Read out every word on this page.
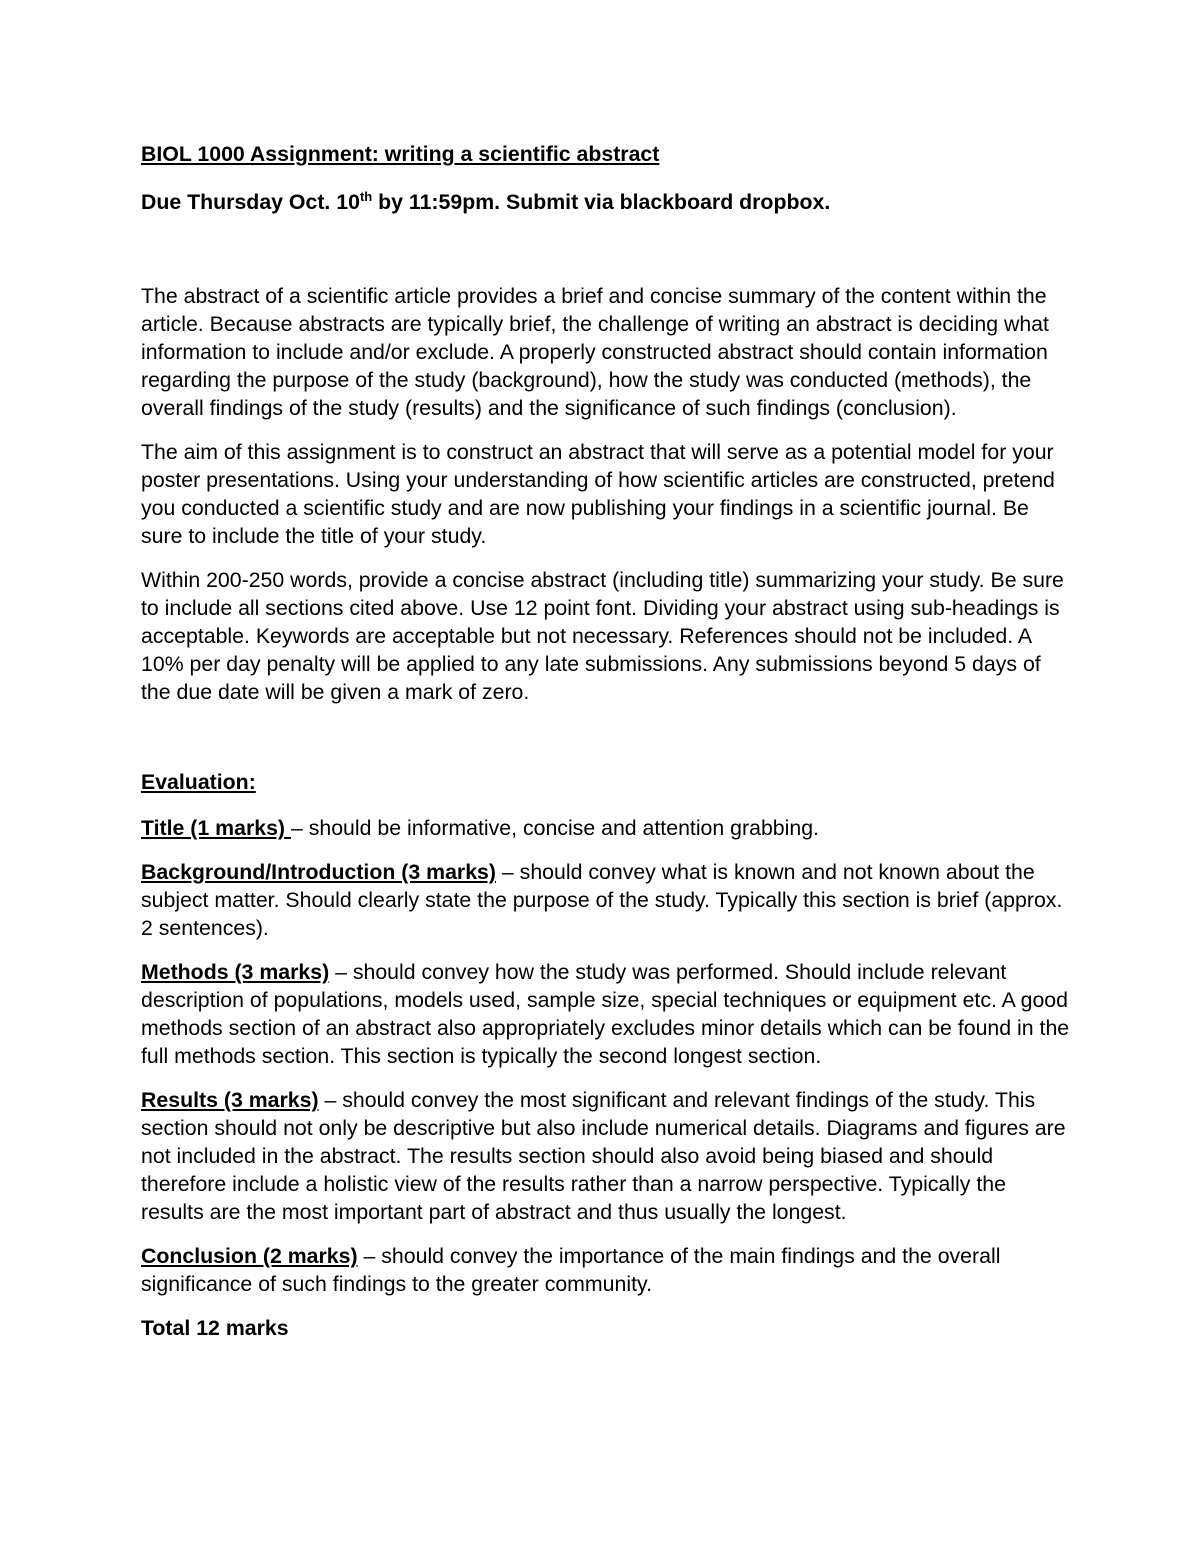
BIOL 1000 Assignment: writing a scientific abstract

Due Thursday Oct. 10th by 11:59pm. Submit via blackboard dropbox.

The abstract of a scientific article provides a brief and concise summary of the content within the article. Because abstracts are typically brief, the challenge of writing an abstract is deciding what information to include and/or exclude. A properly constructed abstract should contain information regarding the purpose of the study (background), how the study was conducted (methods), the overall findings of the study (results) and the significance of such findings (conclusion).

The aim of this assignment is to construct an abstract that will serve as a potential model for your poster presentations. Using your understanding of how scientific articles are constructed, pretend you conducted a scientific study and are now publishing your findings in a scientific journal. Be sure to include the title of your study.

Within 200-250 words, provide a concise abstract (including title) summarizing your study. Be sure to include all sections cited above. Use 12 point font. Dividing your abstract using sub-headings is acceptable. Keywords are acceptable but not necessary. References should not be included. A 10% per day penalty will be applied to any late submissions. Any submissions beyond 5 days of the due date will be given a mark of zero.

Evaluation:

Title (1 marks) – should be informative, concise and attention grabbing.

Background/Introduction (3 marks) – should convey what is known and not known about the subject matter. Should clearly state the purpose of the study. Typically this section is brief (approx. 2 sentences).

Methods (3 marks) – should convey how the study was performed. Should include relevant description of populations, models used, sample size, special techniques or equipment etc. A good methods section of an abstract also appropriately excludes minor details which can be found in the full methods section. This section is typically the second longest section.

Results (3 marks) – should convey the most significant and relevant findings of the study. This section should not only be descriptive but also include numerical details. Diagrams and figures are not included in the abstract. The results section should also avoid being biased and should therefore include a holistic view of the results rather than a narrow perspective. Typically the results are the most important part of abstract and thus usually the longest.

Conclusion (2 marks) – should convey the importance of the main findings and the overall significance of such findings to the greater community.

Total 12 marks
